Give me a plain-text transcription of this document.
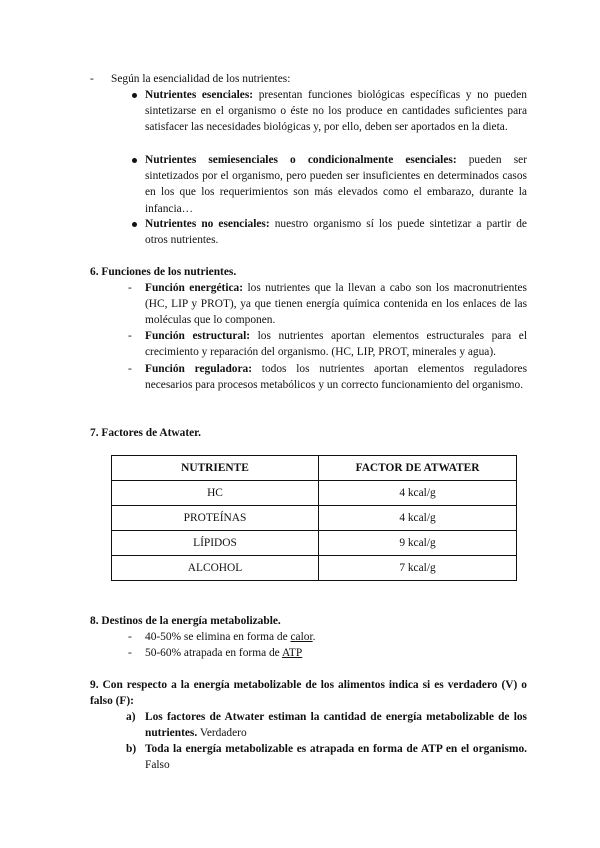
- Según la esencialidad de los nutrientes:

Nutrientes esenciales: presentan funciones biológicas específicas y no pueden sintetizarse en el organismo o éste no los produce en cantidades suficientes para satisfacer las necesidades biológicas y, por ello, deben ser aportados en la dieta.

Nutrientes semiesenciales o condicionalmente esenciales: pueden ser sintetizados por el organismo, pero pueden ser insuficientes en determinados casos en los que los requerimientos son más elevados como el embarazo, durante la infancia…

Nutrientes no esenciales: nuestro organismo sí los puede sintetizar a partir de otros nutrientes.

6. Funciones de los nutrientes.

- Función energética: los nutrientes que la llevan a cabo son los macronutrientes (HC, LIP y PROT), ya que tienen energía química contenida en los enlaces de las moléculas que lo componen.

- Función estructural: los nutrientes aportan elementos estructurales para el crecimiento y reparación del organismo. (HC, LIP, PROT, minerales y agua).

- Función reguladora: todos los nutrientes aportan elementos reguladores necesarios para procesos metabólicos y un correcto funcionamiento del organismo.

7. Factores de Atwater.

NUTRIENTE	FACTOR DE ATWATER
HC	4 kcal/g
PROTEÍNAS	4 kcal/g
LÍPIDOS	9 kcal/g
ALCOHOL	7 kcal/g

8. Destinos de la energía metabolizable.

- 40-50% se elimina en forma de calor.

- 50-60% atrapada en forma de ATP

9. Con respecto a la energía metabolizable de los alimentos indica si es verdadero (V) o falso (F):

a) Los factores de Atwater estiman la cantidad de energía metabolizable de los nutrientes. Verdadero

b) Toda la energía metabolizable es atrapada en forma de ATP en el organismo. Falso
